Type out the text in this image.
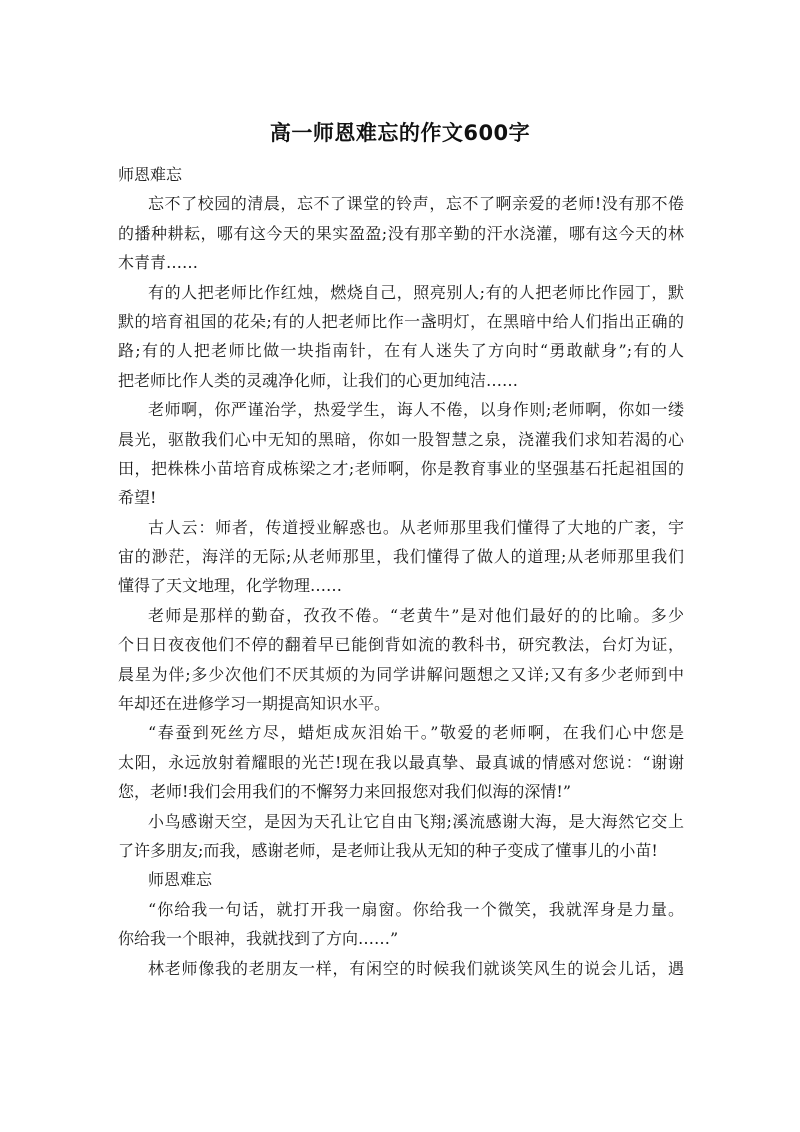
高一师恩难忘的作文600字
师恩难忘
忘不了校园的清晨，忘不了课堂的铃声，忘不了啊亲爱的老师!没有那不倦
的播种耕耘，哪有这今天的果实盈盈;没有那辛勤的汗水浇灌，哪有这今天的林
木青青……
有的人把老师比作红烛，燃烧自己，照亮别人;有的人把老师比作园丁，默
默的培育祖国的花朵;有的人把老师比作一盏明灯，在黑暗中给人们指出正确的
路;有的人把老师比做一块指南针，在有人迷失了方向时“勇敢献身”;有的人
把老师比作人类的灵魂净化师，让我们的心更加纯洁……
老师啊，你严谨治学，热爱学生，诲人不倦，以身作则;老师啊，你如一缕
晨光，驱散我们心中无知的黑暗，你如一股智慧之泉，浇灌我们求知若渴的心
田，把株株小苗培育成栋梁之才;老师啊，你是教育事业的坚强基石托起祖国的
希望!
古人云：师者，传道授业解惑也。从老师那里我们懂得了大地的广袤，宇
宙的渺茫，海洋的无际;从老师那里，我们懂得了做人的道理;从老师那里我们
懂得了天文地理，化学物理……
老师是那样的勤奋，孜孜不倦。“老黄牛”是对他们最好的的比喻。多少
个日日夜夜他们不停的翻着早已能倒背如流的教科书，研究教法，台灯为证，
晨星为伴;多少次他们不厌其烦的为同学讲解问题想之又详;又有多少老师到中
年却还在进修学习一期提高知识水平。
“春蚕到死丝方尽，蜡炬成灰泪始干。”敬爱的老师啊，在我们心中您是
太阳，永远放射着耀眼的光芒!现在我以最真挚、最真诚的情感对您说：“谢谢
您，老师!我们会用我们的不懈努力来回报您对我们似海的深情!”
小鸟感谢天空，是因为天孔让它自由飞翔;溪流感谢大海，是大海然它交上
了许多朋友;而我，感谢老师，是老师让我从无知的种子变成了懂事儿的小苗!
师恩难忘
“你给我一句话，就打开我一扇窗。你给我一个微笑，我就浑身是力量。
你给我一个眼神，我就找到了方向……”
林老师像我的老朋友一样，有闲空的时候我们就谈笑风生的说会儿话，遇
